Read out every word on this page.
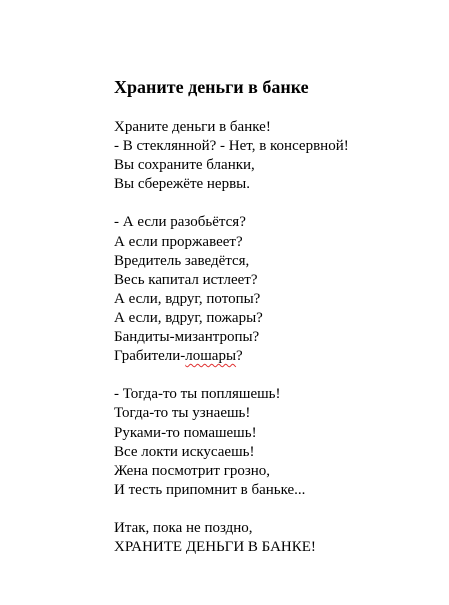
Храните деньги в банке
Храните деньги в банке!
- В стеклянной? - Нет, в консервной!
Вы сохраните бланки,
Вы сбережёте нервы.
- А если разобьётся?
А если проржавеет?
Вредитель заведётся,
Весь капитал истлеет?
А если, вдруг, потопы?
А если, вдруг, пожары?
Бандиты-мизантропы?
Грабители-лошары?
- Тогда-то ты попляшешь!
Тогда-то ты узнаешь!
Руками-то помашешь!
Все локти искусаешь!
Жена посмотрит грозно,
И тесть припомнит в баньке...
Итак, пока не поздно,
ХРАНИТЕ ДЕНЬГИ В БАНКЕ!
